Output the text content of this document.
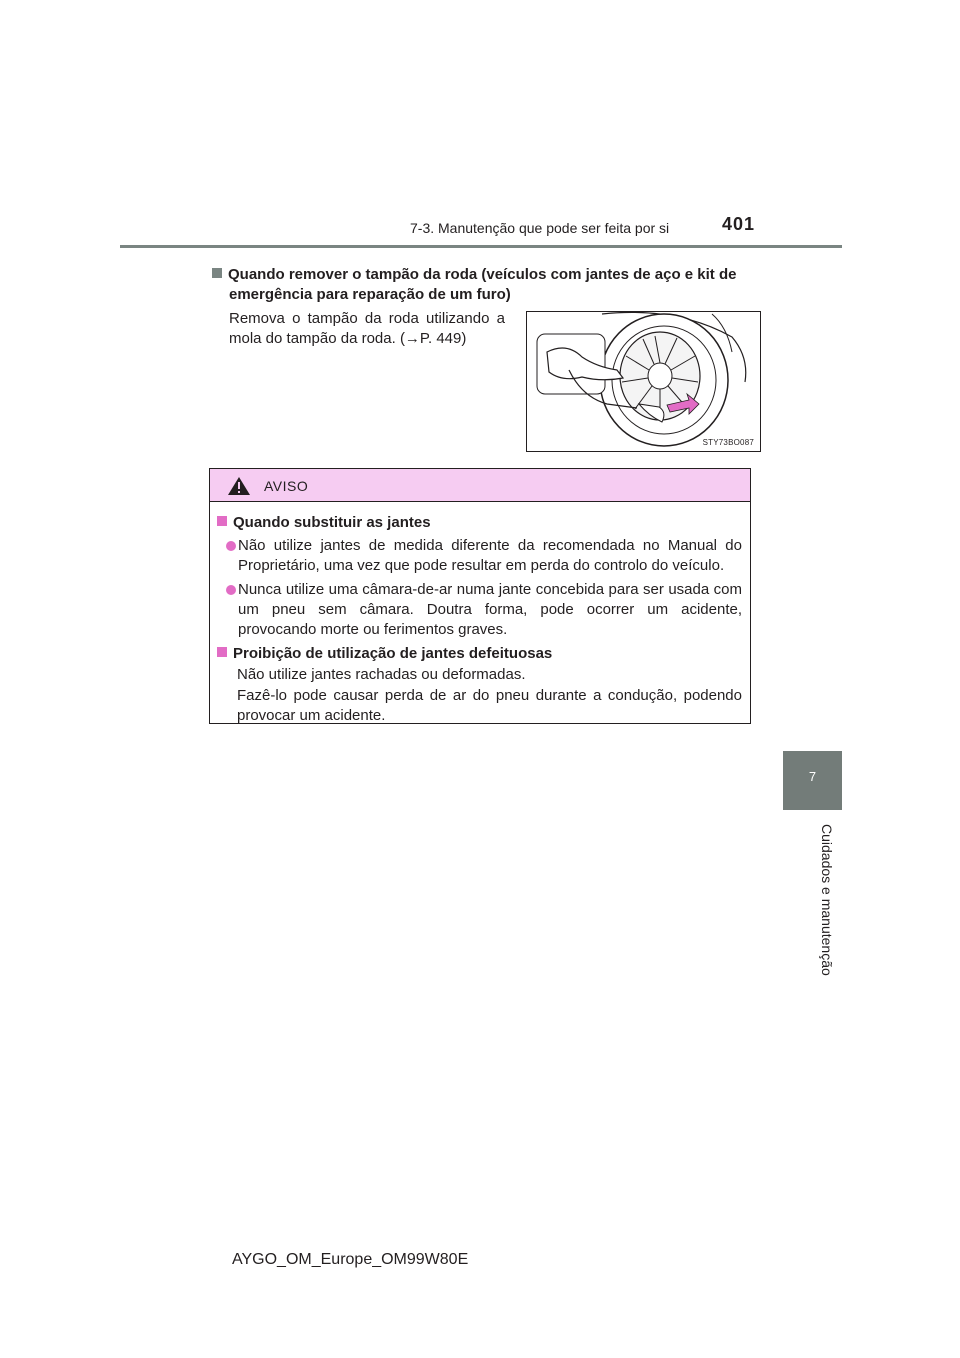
7-3. Manutenção que pode ser feita por si	401
7
Cuidados e manutenção
Quando remover o tampão da roda (veículos com jantes de aço e kit de
emergência para reparação de um furo)
Remova o tampão da roda utilizando a mola do tampão da roda. (→P. 449)
STY73BO087
AVISO
Quando substituir as jantes
Não utilize jantes de medida diferente da recomendada no Manual do Proprietário, uma vez que pode resultar em perda do controlo do veículo.
Nunca utilize uma câmara-de-ar numa jante concebida para ser usada com um pneu sem câmara. Doutra forma, pode ocorrer um acidente, provocando morte ou ferimentos graves.
Proibição de utilização de jantes defeituosas
Não utilize jantes rachadas ou deformadas.
Fazê-lo pode causar perda de ar do pneu durante a condução, podendo provocar um acidente.
AYGO_OM_Europe_OM99W80E
